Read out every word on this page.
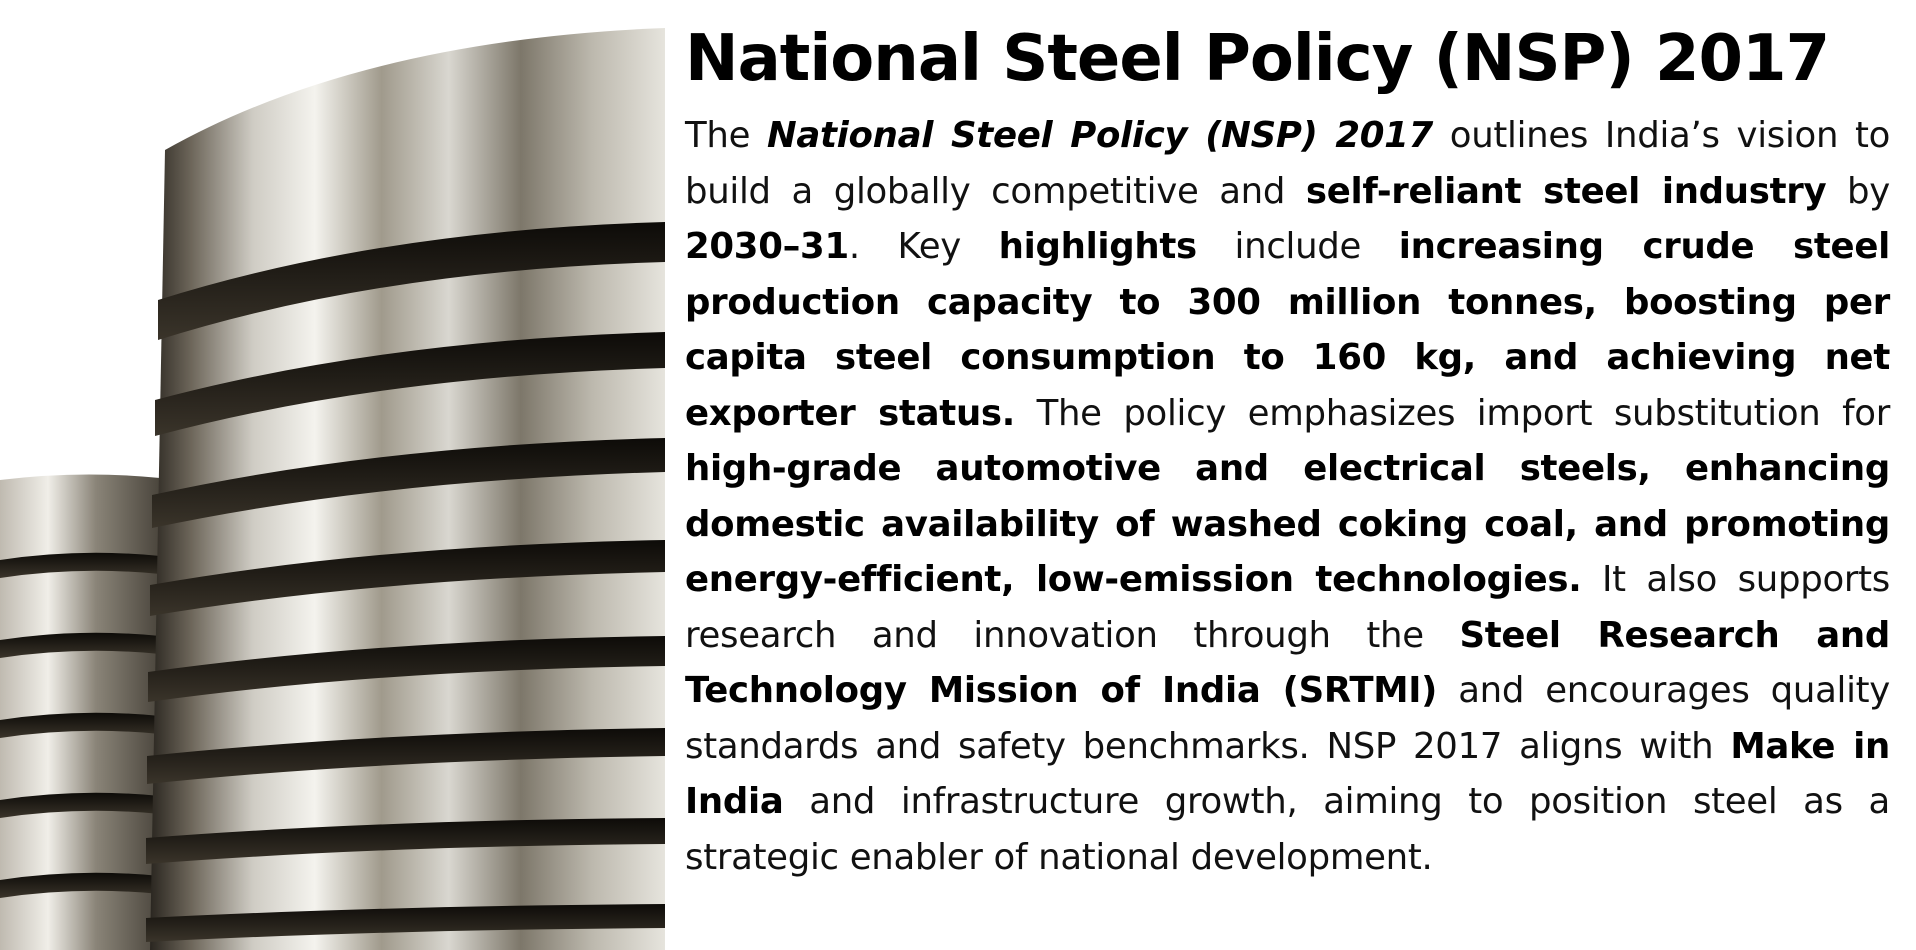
National Steel Policy (NSP) 2017

The National Steel Policy (NSP) 2017 outlines India’s vision to build a globally competitive and self-reliant steel industry by 2030–31. Key highlights include increasing crude steel production capacity to 300 million tonnes, boosting per capita steel consumption to 160 kg, and achieving net exporter status. The policy emphasizes import substitution for high-grade automotive and electrical steels, enhancing domestic availability of washed coking coal, and promoting energy-efficient, low-emission technologies. It also supports research and innovation through the Steel Research and Technology Mission of India (SRTMI) and encourages quality standards and safety benchmarks. NSP 2017 aligns with Make in India and infrastructure growth, aiming to position steel as a strategic enabler of national development.
